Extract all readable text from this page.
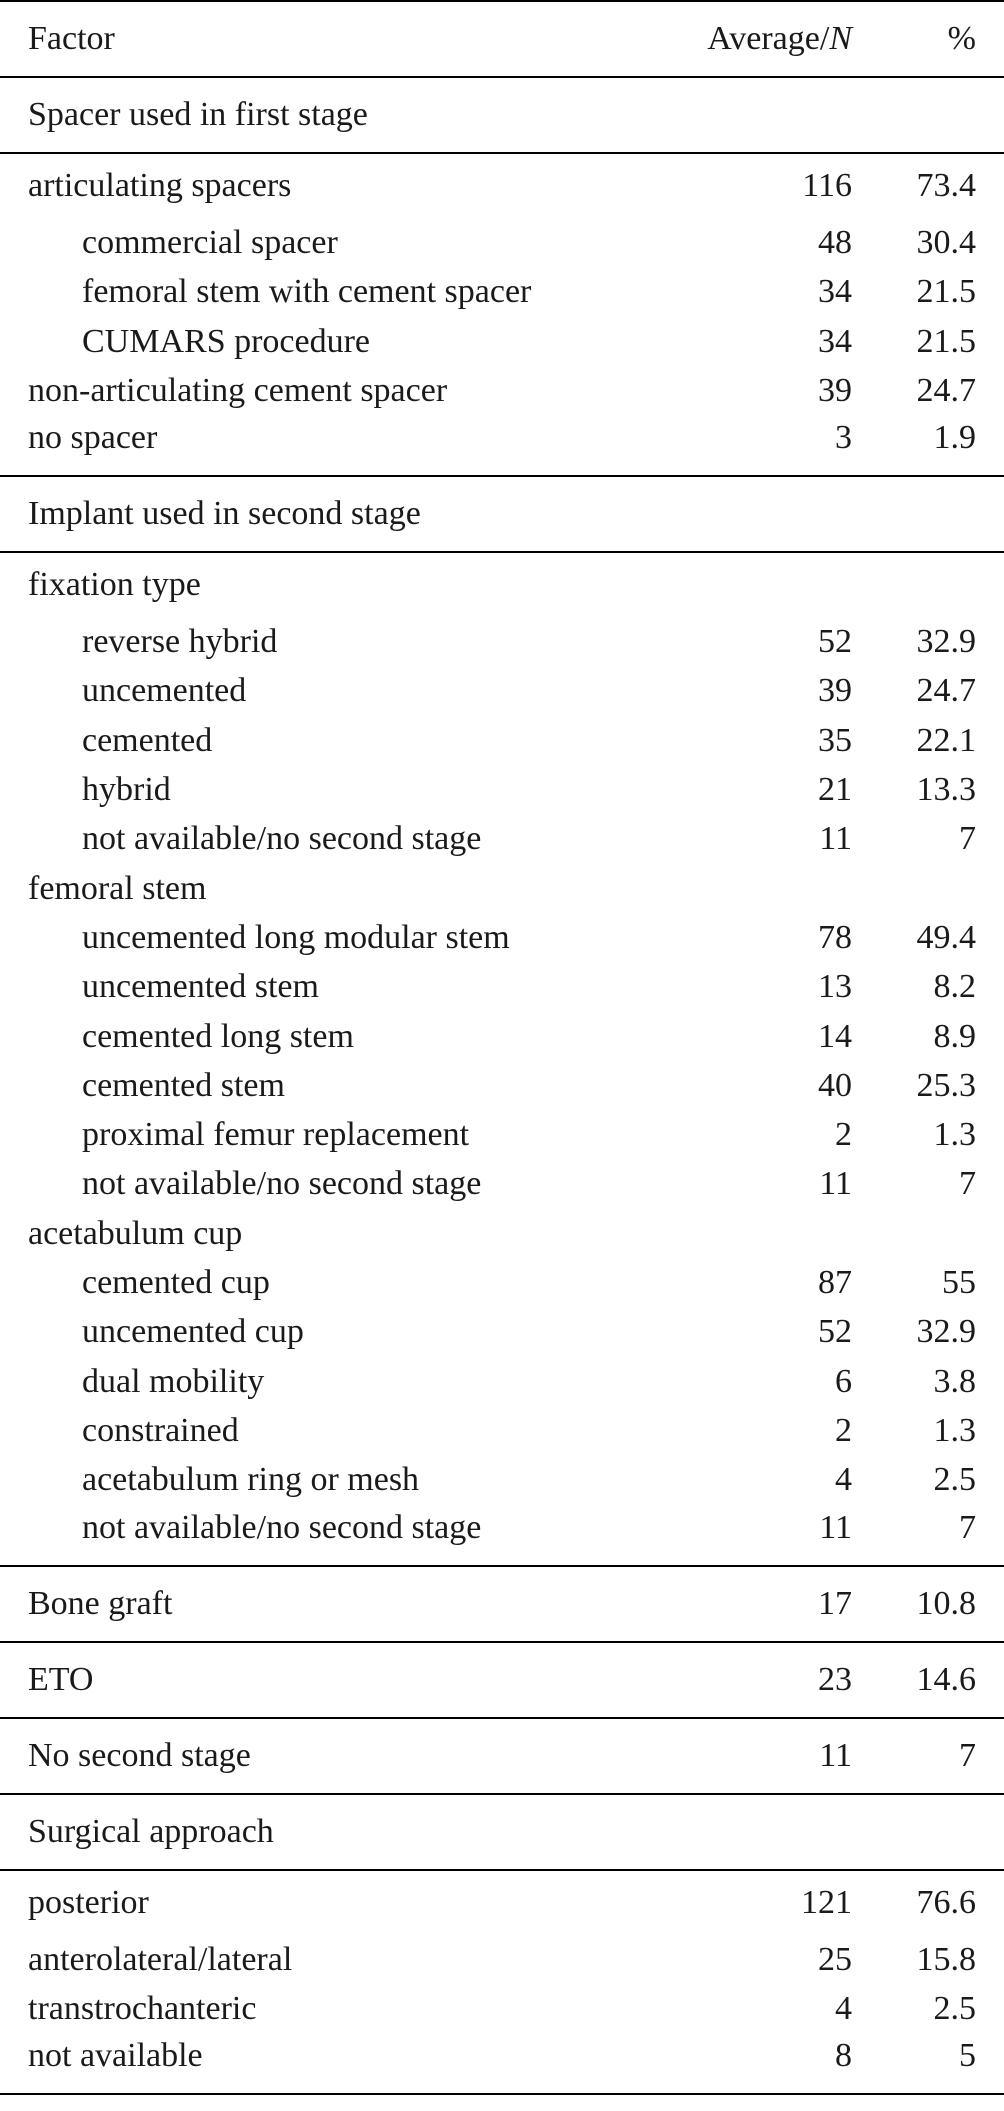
Factor	Average/N	%
Spacer used in first stage		
articulating spacers	116	73.4
commercial spacer	48	30.4
femoral stem with cement spacer	34	21.5
CUMARS procedure	34	21.5
non-articulating cement spacer	39	24.7
no spacer	3	1.9
Implant used in second stage		
fixation type		
reverse hybrid	52	32.9
uncemented	39	24.7
cemented	35	22.1
hybrid	21	13.3
not available/no second stage	11	7
femoral stem		
uncemented long modular stem	78	49.4
uncemented stem	13	8.2
cemented long stem	14	8.9
cemented stem	40	25.3
proximal femur replacement	2	1.3
not available/no second stage	11	7
acetabulum cup		
cemented cup	87	55
uncemented cup	52	32.9
dual mobility	6	3.8
constrained	2	1.3
acetabulum ring or mesh	4	2.5
not available/no second stage	11	7
Bone graft	17	10.8
ETO	23	14.6
No second stage	11	7
Surgical approach		
posterior	121	76.6
anterolateral/lateral	25	15.8
transtrochanteric	4	2.5
not available	8	5
